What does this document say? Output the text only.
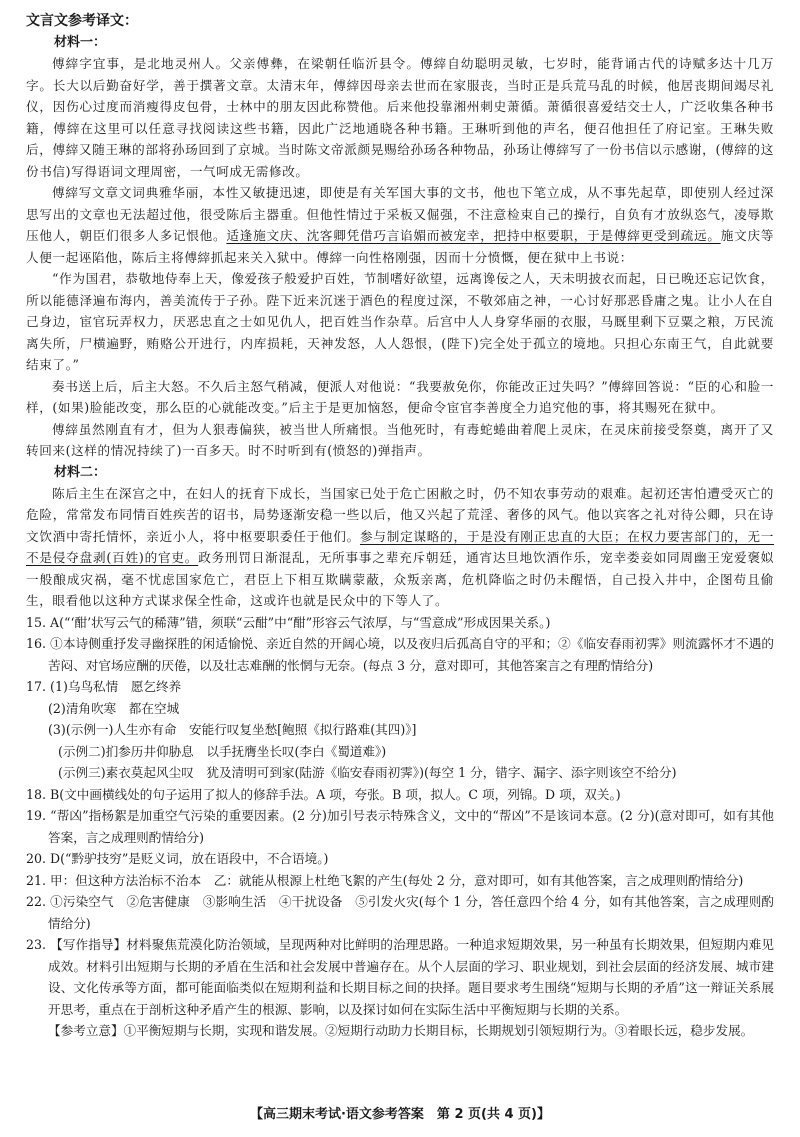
文言文参考译文：
材料一：

傅縡字宜事，是北地灵州人。父亲傅彝，在梁朝任临沂县令。傅縡自幼聪明灵敏，七岁时，能背诵古代的诗赋多达十几万字。长大以后勤奋好学，善于撰著文章。太清末年，傅縡因母亲去世而在家服丧，当时正是兵荒马乱的时候，他居丧期间竭尽礼仪，因伤心过度而消瘦得皮包骨，士林中的朋友因此称赞他。后来他投靠湘州刺史萧循。萧循很喜爱结交士人，广泛收集各种书籍，傅縡在这里可以任意寻找阅读这些书籍，因此广泛地通晓各种书籍。王琳听到他的声名，便召他担任了府记室。王琳失败后，傅縡又随王琳的部将孙玚回到了京城。当时陈文帝派颜晃赐给孙玚各种物品，孙玚让傅縡写了一份书信以示感谢，(傅縡的这份书信)写得语词文理周密，一气呵成无需修改。

傅縡写文章文词典雅华丽，本性又敏捷迅速，即使是有关军国大事的文书，他也下笔立成，从不事先起草，即使别人经过深思写出的文章也无法超过他，很受陈后主器重。但他性情过于采板又倔强，不注意检束自己的操行，自负有才放纵恣气，凌辱欺压他人，朝臣们很多人多记恨他。适逢施文庆、沈客卿凭借巧言谄媚而被宠幸，把持中枢要职，于是傅縡更受到疏远。施文庆等人便一起诬陷他，陈后主将傅縡抓起来关入狱中。傅縡一向性格刚强，因而十分愤慨，便在狱中上书说：

“作为国君，恭敬地侍奉上天，像爱孩子般爱护百姓，节制嗜好欲望，远离谗佞之人，天未明披衣而起，日已晚还忘记饮食，所以能德泽遍布海内，善美流传于子孙。陛下近来沉迷于酒色的程度过深，不敬郊庙之神，一心讨好那恶昏庸之鬼。让小人在自己身边，宦官玩弄权力，厌恶忠直之士如见仇人，把百姓当作杂草。后宫中人人身穿华丽的衣服，马厩里剩下豆粟之粮，万民流离失所，尸横遍野，贿赂公开进行，内库损耗，天神发怒，人人怨恨，(陛下)完全处于孤立的境地。只担心东南王气，自此就要结束了。”

奏书送上后，后主大怒。不久后主怒气稍减，便派人对他说：“我要赦免你，你能改正过失吗？”傅縡回答说：“臣的心和脸一样，(如果)脸能改变，那么臣的心就能改变。”后主于是更加恼怒，便命令宦官李善度全力追究他的事，将其赐死在狱中。

傅縡虽然刚直有才，但为人狠毒偏狭，被当世人所痛恨。当他死时，有毒蛇蜷曲着爬上灵床，在灵床前接受祭奠，离开了又转回来(这样的情况持续了)一百多天。时不时听到有(愤怒的)弹指声。

材料二：

陈后主生在深宫之中，在妇人的抚育下成长，当国家已处于危亡困敝之时，仍不知农事劳动的艰难。起初还害怕遭受灭亡的危险，常常发布同情百姓疾苦的诏书，局势逐渐安稳一些以后，他又兴起了荒淫、奢侈的风气。他以宾客之礼对待公卿，只在诗文饮酒中寄托情怀，亲近小人，将中枢要职委任于他们。参与制定谋略的，于是没有刚正忠直的大臣；在权力要害部门的，无一不是侵夺盘剥(百姓)的官吏。政务刑罚日渐混乱，无所事事之辈充斥朝廷，通宵达旦地饮酒作乐，宠幸娄妾如同周幽王宠爱褒姒一般酿成灾祸，毫不忧虑国家危亡，君臣上下相互欺瞒蒙蔽，众叛亲离，危机降临之时仍未醒悟，自己投入井中，企图苟且偷生，眼看他以这种方式谋求保全性命，这或许也就是民众中的下等人了。

15. A(“‘酣’状写云气的稀薄”错，须联“云酣”中“酣”形容云气浓厚，与“雪意成”形成因果关系。)

16. ①本诗侧重抒发寻幽探胜的闲适愉悦、亲近自然的开阔心境，以及夜归后孤高自守的平和；②《临安春雨初霁》则流露怀才不遇的苦闷、对官场应酬的厌倦，以及壮志难酬的怅惘与无奈。(每点 3 分，意对即可，其他答案言之有理酌情给分)

17. (1)乌鸟私情　愿乞终养

(2)清角吹寒　都在空城
(3)(示例一)人生亦有命　安能行叹复坐愁[鲍照《拟行路难(其四)》]
(示例二)扪参历井仰胁息　以手抚膺坐长叹(李白《蜀道难》)
(示例三)素衣莫起风尘叹　犹及清明可到家(陆游《临安春雨初霁》)(每空 1 分，错字、漏字、添字则该空不给分)

18. B(文中画横线处的句子运用了拟人的修辞手法。A 项，夸张。B 项，拟人。C 项，列锦。D 项，双关。)

19. “帮凶”指杨絮是加重空气污染的重要因素。(2 分)加引号表示特殊含义，文中的“帮凶”不是该词本意。(2 分)(意对即可，如有其他答案，言之成理则酌情给分)

20. D(“黔驴技穷”是贬义词，放在语段中，不合语境。)

21. 甲：但这种方法治标不治本　乙：就能从根源上杜绝飞絮的产生(每处 2 分，意对即可，如有其他答案，言之成理则酌情给分)

22. ①污染空气　②危害健康　③影响生活　④干扰设备　⑤引发火灾(每个 1 分，答任意四个给 4 分，如有其他答案，言之成理则酌情给分)

23. 【写作指导】材料聚焦荒漠化防治领域，呈现两种对比鲜明的治理思路。一种追求短期效果，另一种虽有长期效果，但短期内难见成效。材料引出短期与长期的矛盾在生活和社会发展中普遍存在。从个人层面的学习、职业规划，到社会层面的经济发展、城市建设、文化传承等方面，都可能面临类似在短期利益和长期目标之间的抉择。题目要求考生围绕“短期与长期的矛盾”这一辩证关系展开思考，重点在于剖析这种矛盾产生的根源、影响，以及探讨如何在实际生活中平衡短期与长期的关系。

【参考立意】①平衡短期与长期，实现和谐发展。②短期行动助力长期目标，长期规划引领短期行为。③着眼长远，稳步发展。

【高三期末考试·语文参考答案　第 2 页(共 4 页)】
